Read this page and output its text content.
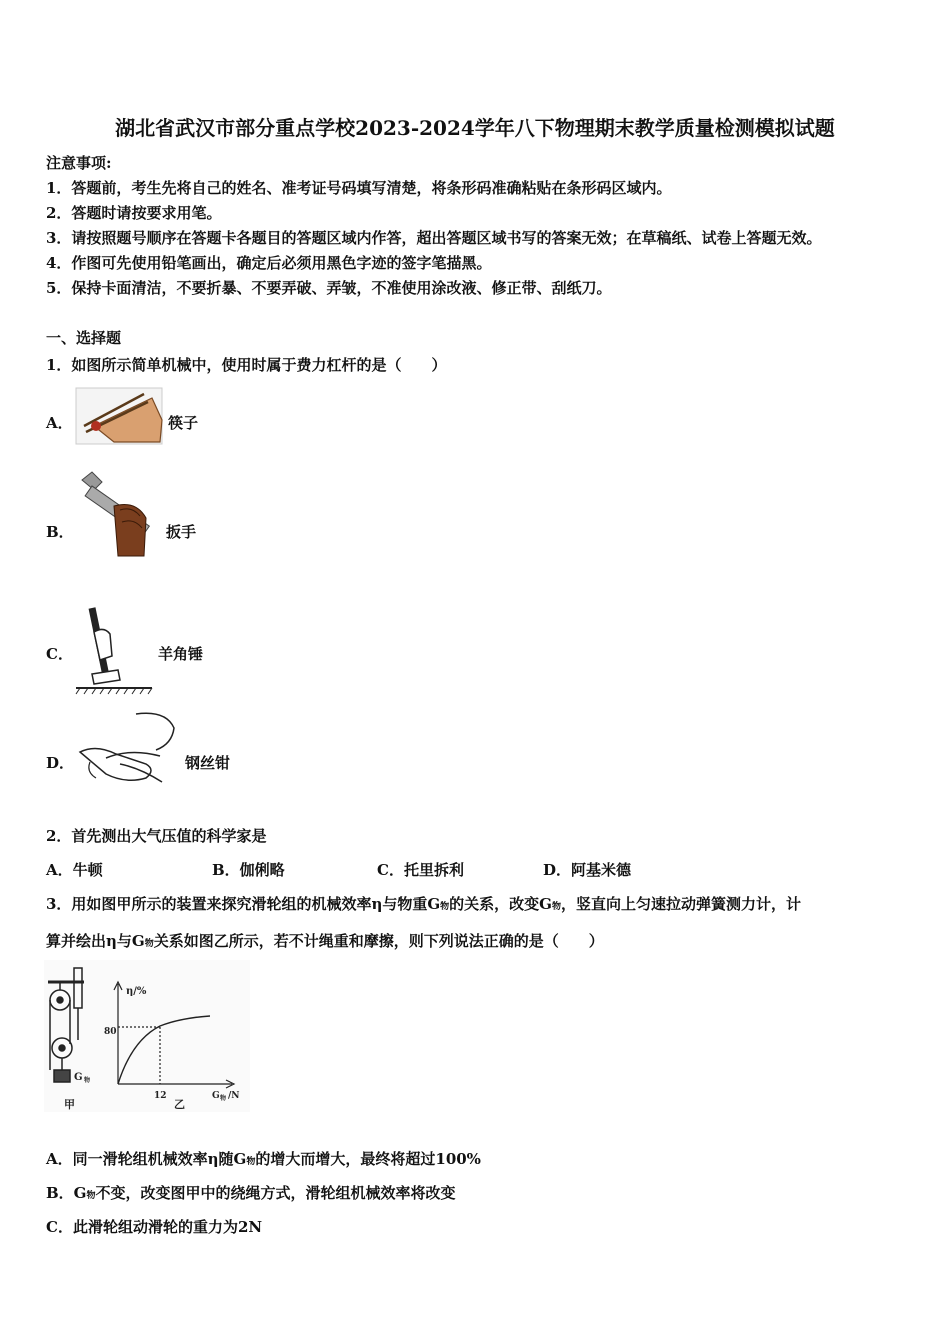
湖北省武汉市部分重点学校2023-2024学年八下物理期末教学质量检测模拟试题
注意事项:
1．答题前，考生先将自己的姓名、准考证号码填写清楚，将条形码准确粘贴在条形码区域内。
2．答题时请按要求用笔。
3．请按照题号顺序在答题卡各题目的答题区域内作答，超出答题区域书写的答案无效；在草稿纸、试卷上答题无效。
4．作图可先使用铅笔画出，确定后必须用黑色字迹的签字笔描黑。
5．保持卡面清洁，不要折暴、不要弄破、弄皱，不准使用涂改液、修正带、刮纸刀。
一、选择题
1．如图所示简单机械中，使用时属于费力杠杆的是（　　）
A．	筷子
B．	扳手
C．	羊角锤
D．	钢丝钳
2．首先测出大气压值的科学家是
A．牛顿	B．伽俐略	C．托里拆利	D．阿基米德
3．用如图甲所示的装置来探究滑轮组的机械效率η与物重G物的关系，改变G物，竖直向上匀速拉动弹簧测力计，计
算并绘出η与G物关系如图乙所示，若不计绳重和摩擦，则下列说法正确的是（　　）
G 物
甲
η/%
80
12
乙
G 物 /N
A．同一滑轮组机械效率η随G物的增大而增大，最终将超过100%
B．G物不变，改变图甲中的绕绳方式，滑轮组机械效率将改变
C．此滑轮组动滑轮的重力为2N
